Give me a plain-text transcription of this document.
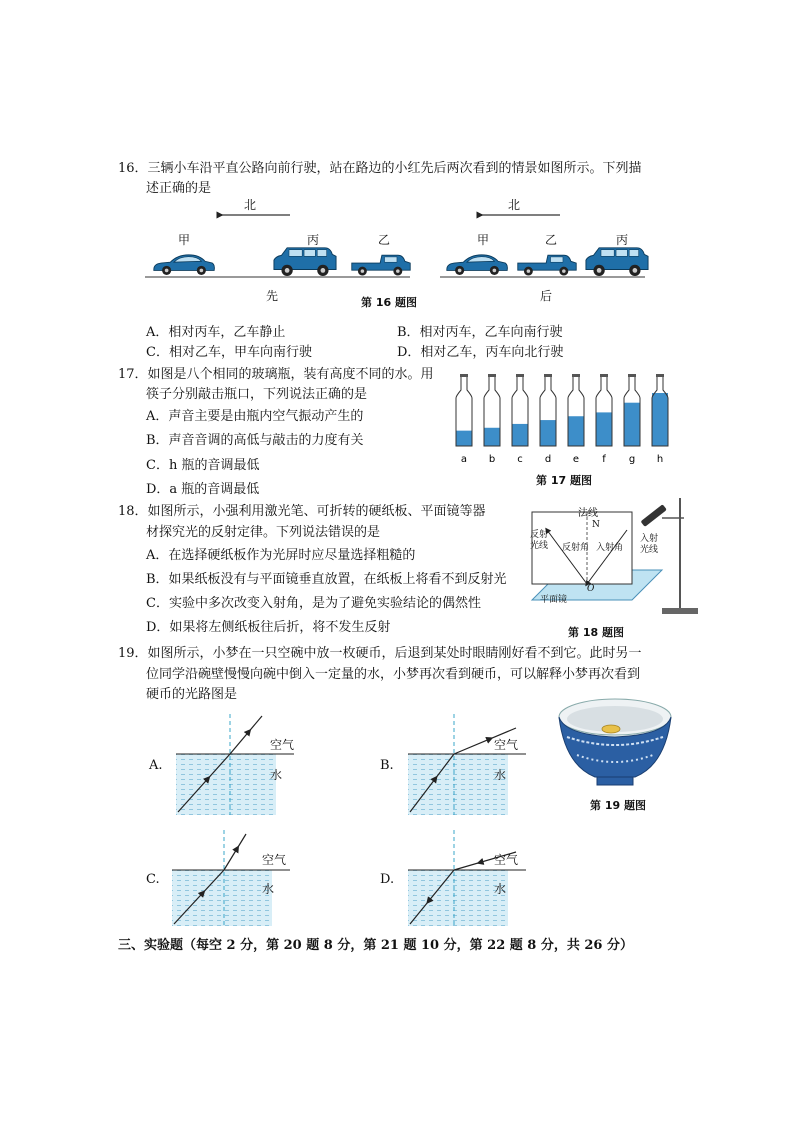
16．三辆小车沿平直公路向前行驶，站在路边的小红先后两次看到的情景如图所示。下列描
述正确的是
北	北
甲	丙	乙	甲	乙	丙
先	后
第 16 题图
A．相对丙车，乙车静止	B．相对丙车，乙车向南行驶
C．相对乙车，甲车向南行驶	D．相对乙车，丙车向北行驶
17．如图是八个相同的玻璃瓶，装有高度不同的水。用
筷子分别敲击瓶口，下列说法正确的是
A．声音主要是由瓶内空气振动产生的
B．声音音调的高低与敲击的力度有关
C．h 瓶的音调最低
D．a 瓶的音调最低
a b c d e f g h
第 17 题图
18．如图所示，小强利用激光笔、可折转的硬纸板、平面镜等器
材探究光的反射定律。下列说法错误的是
A．在选择硬纸板作为光屏时应尽量选择粗糙的
B．如果纸板没有与平面镜垂直放置，在纸板上将看不到反射光
C．实验中多次改变入射角，是为了避免实验结论的偶然性
D．如果将左侧纸板往后折，将不发生反射
法线
N
反射光线 反射角 入射角
入射光线
O
平面镜
第 18 题图
19．如图所示，小梦在一只空碗中放一枚硬币，后退到某处时眼睛刚好看不到它。此时另一
位同学沿碗壁慢慢向碗中倒入一定量的水，小梦再次看到硬币，可以解释小梦再次看到
硬币的光路图是
第 19 题图
A.	B.
C.	D.
空气
水
空气
水
空气
水
空气
水
三、实验题（每空 2 分，第 20 题 8 分，第 21 题 10 分，第 22 题 8 分，共 26 分）
